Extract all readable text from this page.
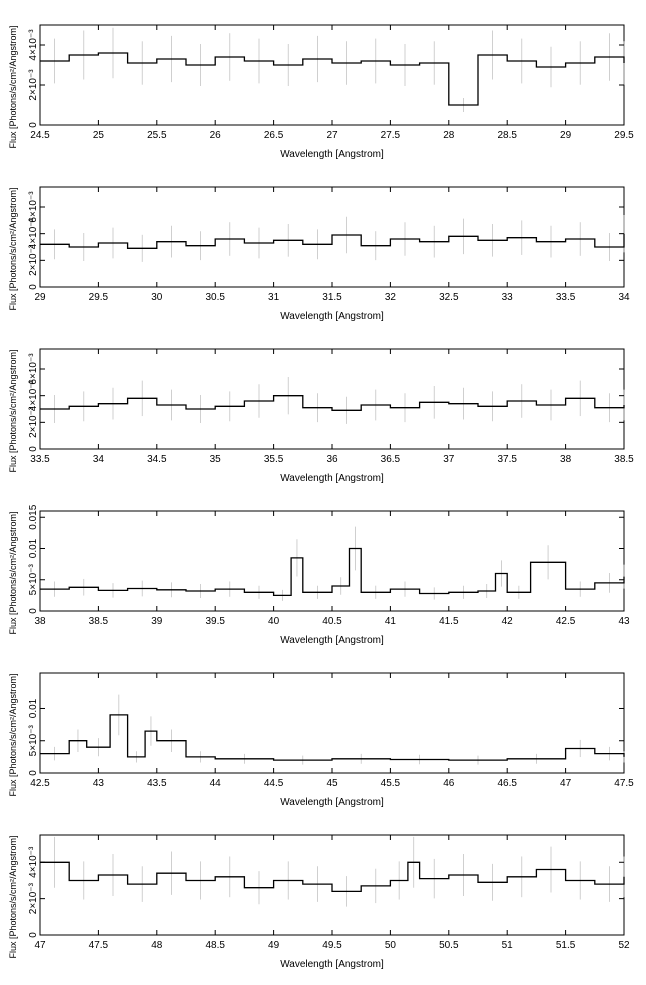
24.5	25	25.5	26	26.5	27	27.5	28	28.5	29	29.5
0
2×10⁻³
4×10⁻³
Wavelength [Angstrom]
Flux [Photons/s/cm²/Angstrom]
29	29.5	30	30.5	31	31.5	32	32.5	33	33.5	34
0
2×10⁻³
4×10⁻³
6×10⁻³
Wavelength [Angstrom]
Flux [Photons/s/cm²/Angstrom]
33.5	34	34.5	35	35.5	36	36.5	37	37.5	38	38.5
0
2×10⁻³
4×10⁻³
6×10⁻³
Wavelength [Angstrom]
Flux [Photons/s/cm²/Angstrom]
38	38.5	39	39.5	40	40.5	41	41.5	42	42.5	43
0
5×10⁻³
0.01
0.015
Wavelength [Angstrom]
Flux [Photons/s/cm²/Angstrom]
42.5	43	43.5	44	44.5	45	45.5	46	46.5	47	47.5
0
5×10⁻³
0.01
Wavelength [Angstrom]
Flux [Photons/s/cm²/Angstrom]
47	47.5	48	48.5	49	49.5	50	50.5	51	51.5	52
0
2×10⁻³
4×10⁻³
Wavelength [Angstrom]
Flux [Photons/s/cm²/Angstrom]
